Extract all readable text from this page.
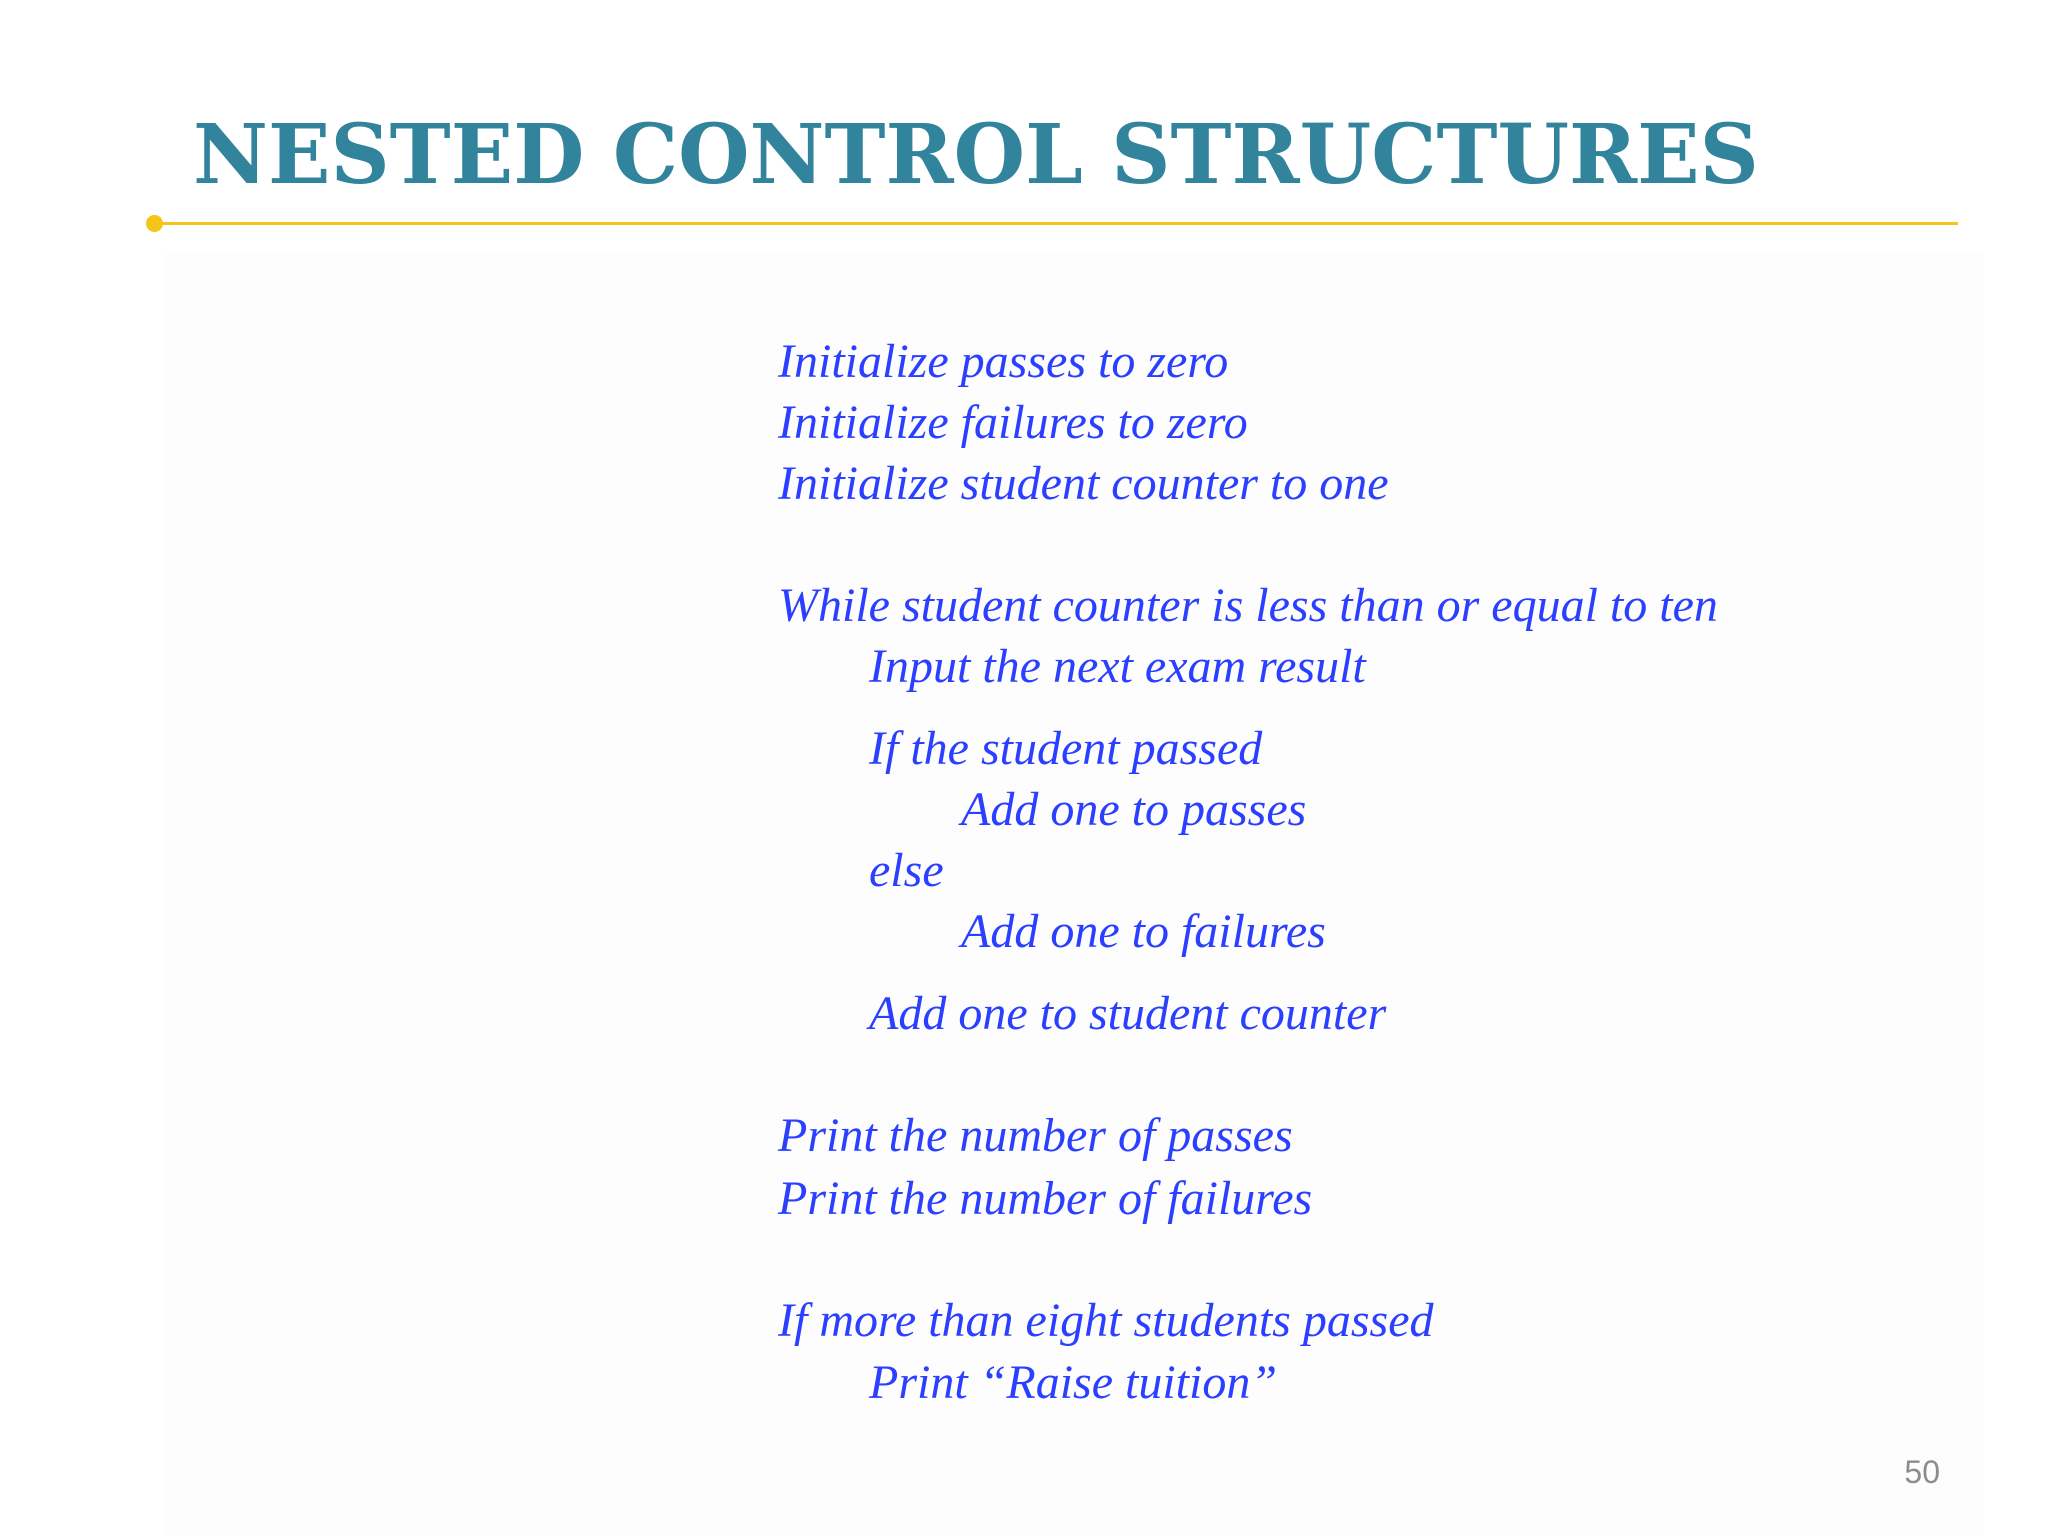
NESTED CONTROL STRUCTURES
Initialize passes to zero
Initialize failures to zero
Initialize student counter to one
While student counter is less than or equal to ten
Input the next exam result
If the student passed
Add one to passes
else
Add one to failures
Add one to student counter
Print the number of passes
Print the number of failures
If more than eight students passed
Print “Raise tuition”
50
